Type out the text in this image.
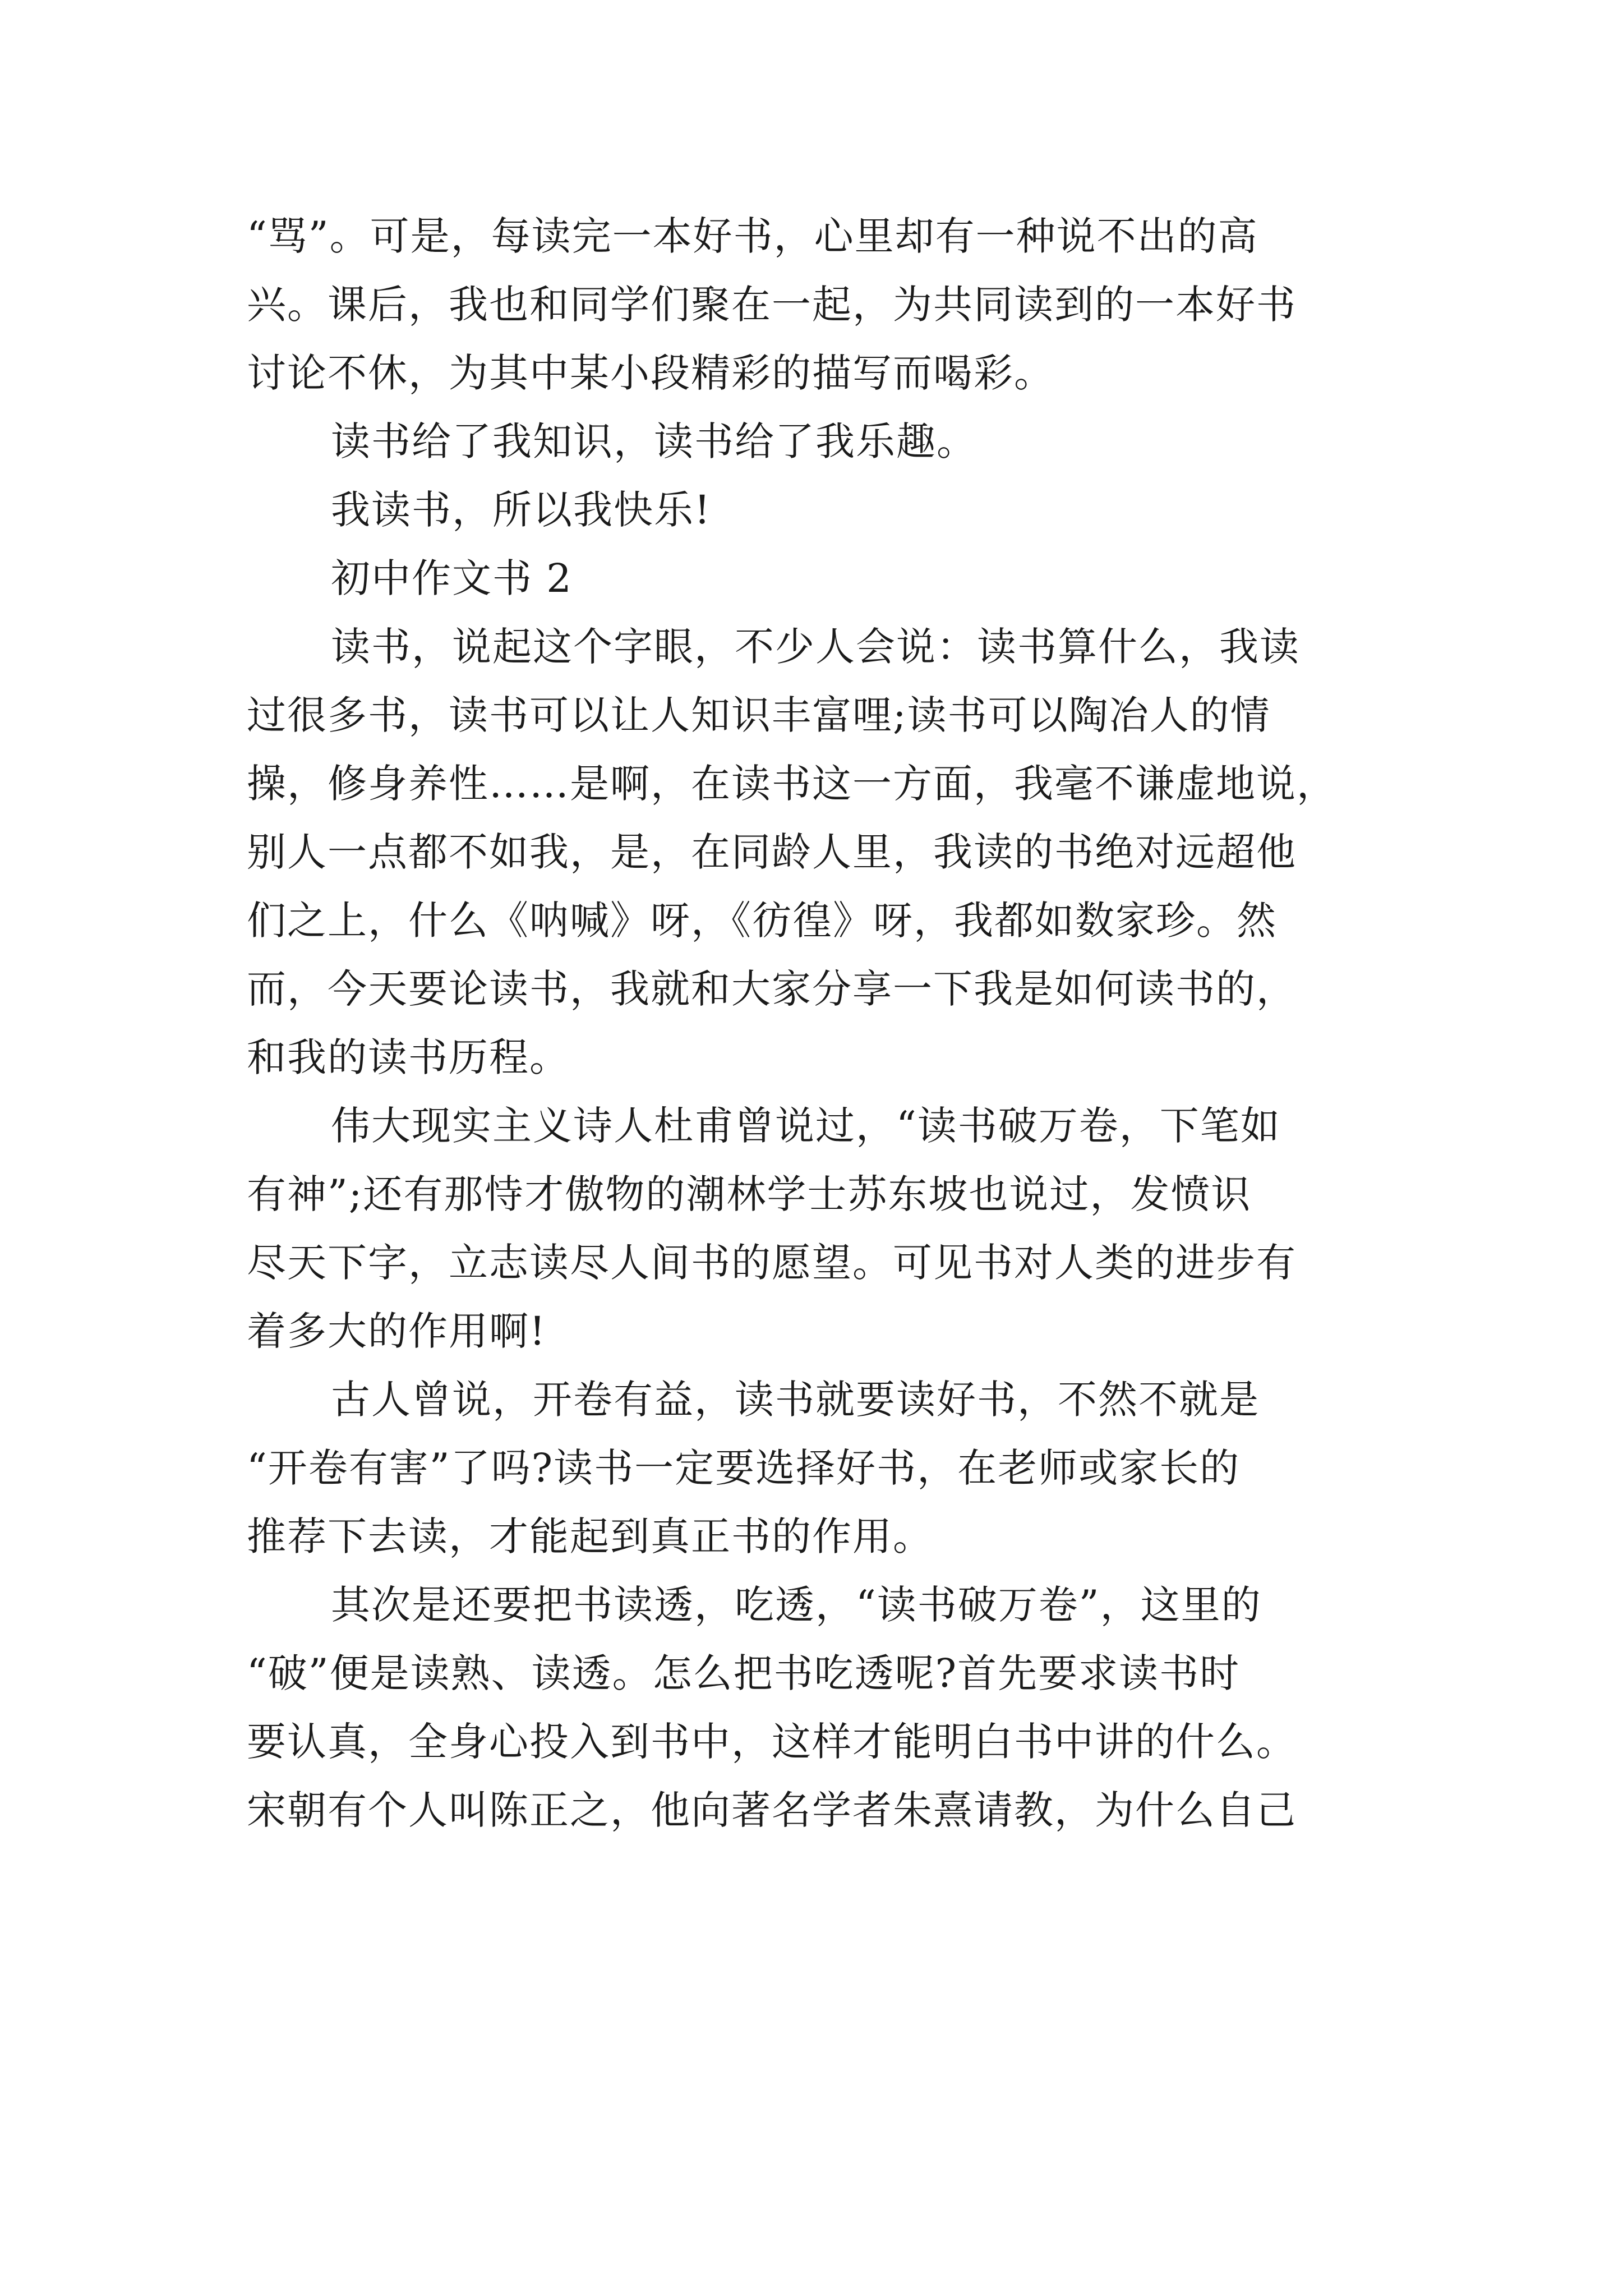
“骂”。可是，每读完一本好书，心里却有一种说不出的高
兴。课后，我也和同学们聚在一起，为共同读到的一本好书
讨论不休，为其中某小段精彩的描写而喝彩。
读书给了我知识，读书给了我乐趣。
我读书，所以我快乐!
初中作文书 2
读书，说起这个字眼，不少人会说：读书算什么，我读
过很多书，读书可以让人知识丰富哩;读书可以陶冶人的情
操，修身养性……是啊，在读书这一方面，我毫不谦虚地说，
别人一点都不如我，是，在同龄人里，我读的书绝对远超他
们之上，什么《呐喊》呀，《彷徨》呀，我都如数家珍。然
而，今天要论读书，我就和大家分享一下我是如何读书的，
和我的读书历程。
伟大现实主义诗人杜甫曾说过，“读书破万卷，下笔如
有神”;还有那恃才傲物的潮林学士苏东坡也说过，发愤识
尽天下字，立志读尽人间书的愿望。可见书对人类的进步有
着多大的作用啊!
古人曾说，开卷有益，读书就要读好书，不然不就是
“开卷有害”了吗?读书一定要选择好书，在老师或家长的
推荐下去读，才能起到真正书的作用。
其次是还要把书读透，吃透，“读书破万卷”，这里的
“破”便是读熟、读透。怎么把书吃透呢?首先要求读书时
要认真，全身心投入到书中，这样才能明白书中讲的什么。
宋朝有个人叫陈正之，他向著名学者朱熹请教，为什么自己
